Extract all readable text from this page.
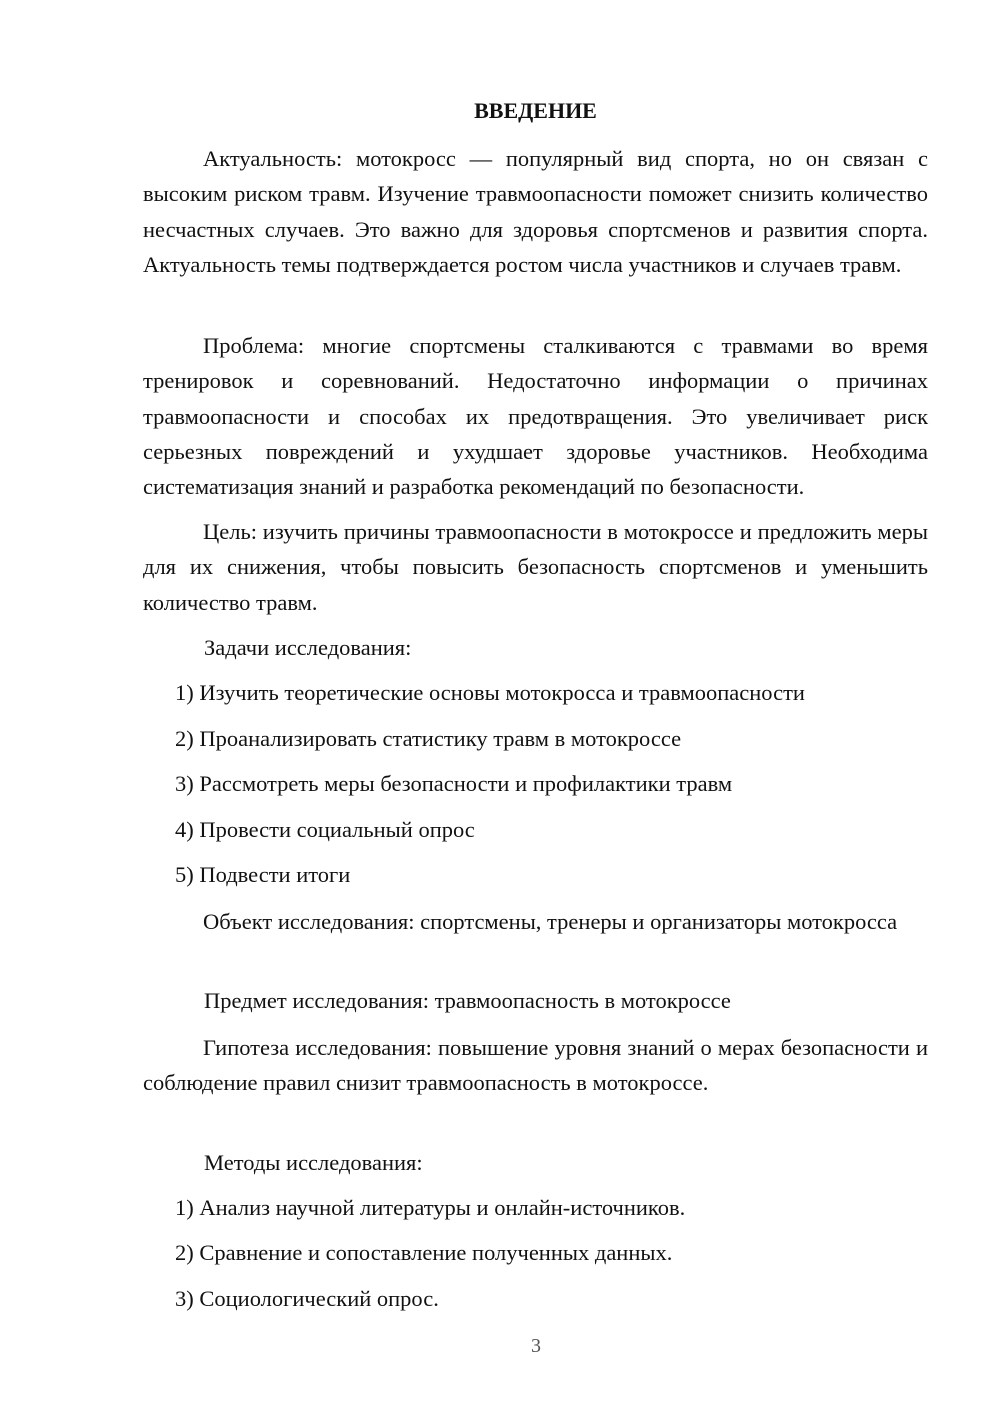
ВВЕДЕНИЕ

Актуальность: мотокросс — популярный вид спорта, но он связан с высоким риском травм. Изучение травмоопасности поможет снизить количество несчастных случаев. Это важно для здоровья спортсменов и развития спорта. Актуальность темы подтверждается ростом числа участников и случаев травм.

Проблема: многие спортсмены сталкиваются с травмами во время тренировок и соревнований. Недостаточно информации о причинах травмоопасности и способах их предотвращения. Это увеличивает риск серьезных повреждений и ухудшает здоровье участников. Необходима систематизация знаний и разработка рекомендаций по безопасности.

Цель: изучить причины травмоопасности в мотокроссе и предложить меры для их снижения, чтобы повысить безопасность спортсменов и уменьшить количество травм.

Задачи исследования:
1) Изучить теоретические основы мотокросса и травмоопасности
2) Проанализировать статистику травм в мотокроссе
3) Рассмотреть меры безопасности и профилактики травм
4) Провести социальный опрос
5) Подвести итоги

Объект исследования: спортсмены, тренеры и организаторы мотокросса

Предмет исследования: травмоопасность в мотокроссе

Гипотеза исследования: повышение уровня знаний о мерах безопасности и соблюдение правил снизит травмоопасность в мотокроссе.

Методы исследования:
1) Анализ научной литературы и онлайн-источников.
2) Сравнение и сопоставление полученных данных.
3) Социологический опрос.
3
